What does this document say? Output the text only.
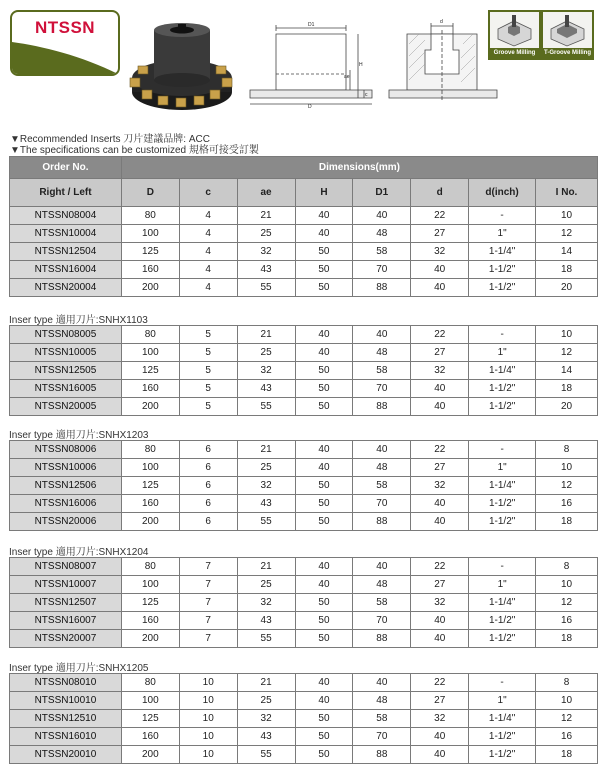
NTSSN	D1
ae
H
c
D
d
Groove Milling	T-Groove Milling
▼Recommended Inserts 刀片建議品牌: ACC
▼The specifications can be customized 規格可接受訂製
Order No.	Dimensions(mm)							
Right / Left	D	c	ae	H	D1	d	d(inch)	I No.
NTSSN08004	80	4	21	40	40	22	-	10
NTSSN10004	100	4	25	40	48	27	1"	12
NTSSN12504	125	4	32	50	58	32	1-1/4"	14
NTSSN16004	160	4	43	50	70	40	1-1/2"	18
NTSSN20004	200	4	55	50	88	40	1-1/2"	20
Inser type 適用刀片:SNHX1103
NTSSN08005	80	5	21	40	40	22	-	10
NTSSN10005	100	5	25	40	48	27	1"	12
NTSSN12505	125	5	32	50	58	32	1-1/4"	14
NTSSN16005	160	5	43	50	70	40	1-1/2"	18
NTSSN20005	200	5	55	50	88	40	1-1/2"	20
Inser type 適用刀片:SNHX1203
NTSSN08006	80	6	21	40	40	22	-	8
NTSSN10006	100	6	25	40	48	27	1"	10
NTSSN12506	125	6	32	50	58	32	1-1/4"	12
NTSSN16006	160	6	43	50	70	40	1-1/2"	16
NTSSN20006	200	6	55	50	88	40	1-1/2"	18
Inser type 適用刀片:SNHX1204
NTSSN08007	80	7	21	40	40	22	-	8
NTSSN10007	100	7	25	40	48	27	1"	10
NTSSN12507	125	7	32	50	58	32	1-1/4"	12
NTSSN16007	160	7	43	50	70	40	1-1/2"	16
NTSSN20007	200	7	55	50	88	40	1-1/2"	18
Inser type 適用刀片:SNHX1205
NTSSN08010	80	10	21	40	40	22	-	8
NTSSN10010	100	10	25	40	48	27	1"	10
NTSSN12510	125	10	32	50	58	32	1-1/4"	12
NTSSN16010	160	10	43	50	70	40	1-1/2"	16
NTSSN20010	200	10	55	50	88	40	1-1/2"	18
